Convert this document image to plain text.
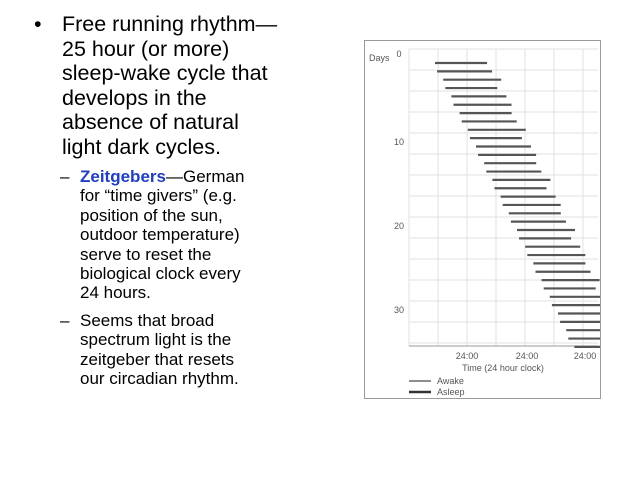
• Free running rhythm—
25 hour (or more)
sleep-wake cycle that
develops in the
absence of natural
light dark cycles.
– Zeitgebers—German
for “time givers” (e.g.
position of the sun,
outdoor temperature)
serve to reset the
biological clock every
24 hours.
– Seems that broad
spectrum light is the
zeitgeber that resets
our circadian rhythm.
Days 0
10
20
30
24:00	24:00	24:00
Time (24 hour clock)
Awake
Asleep
